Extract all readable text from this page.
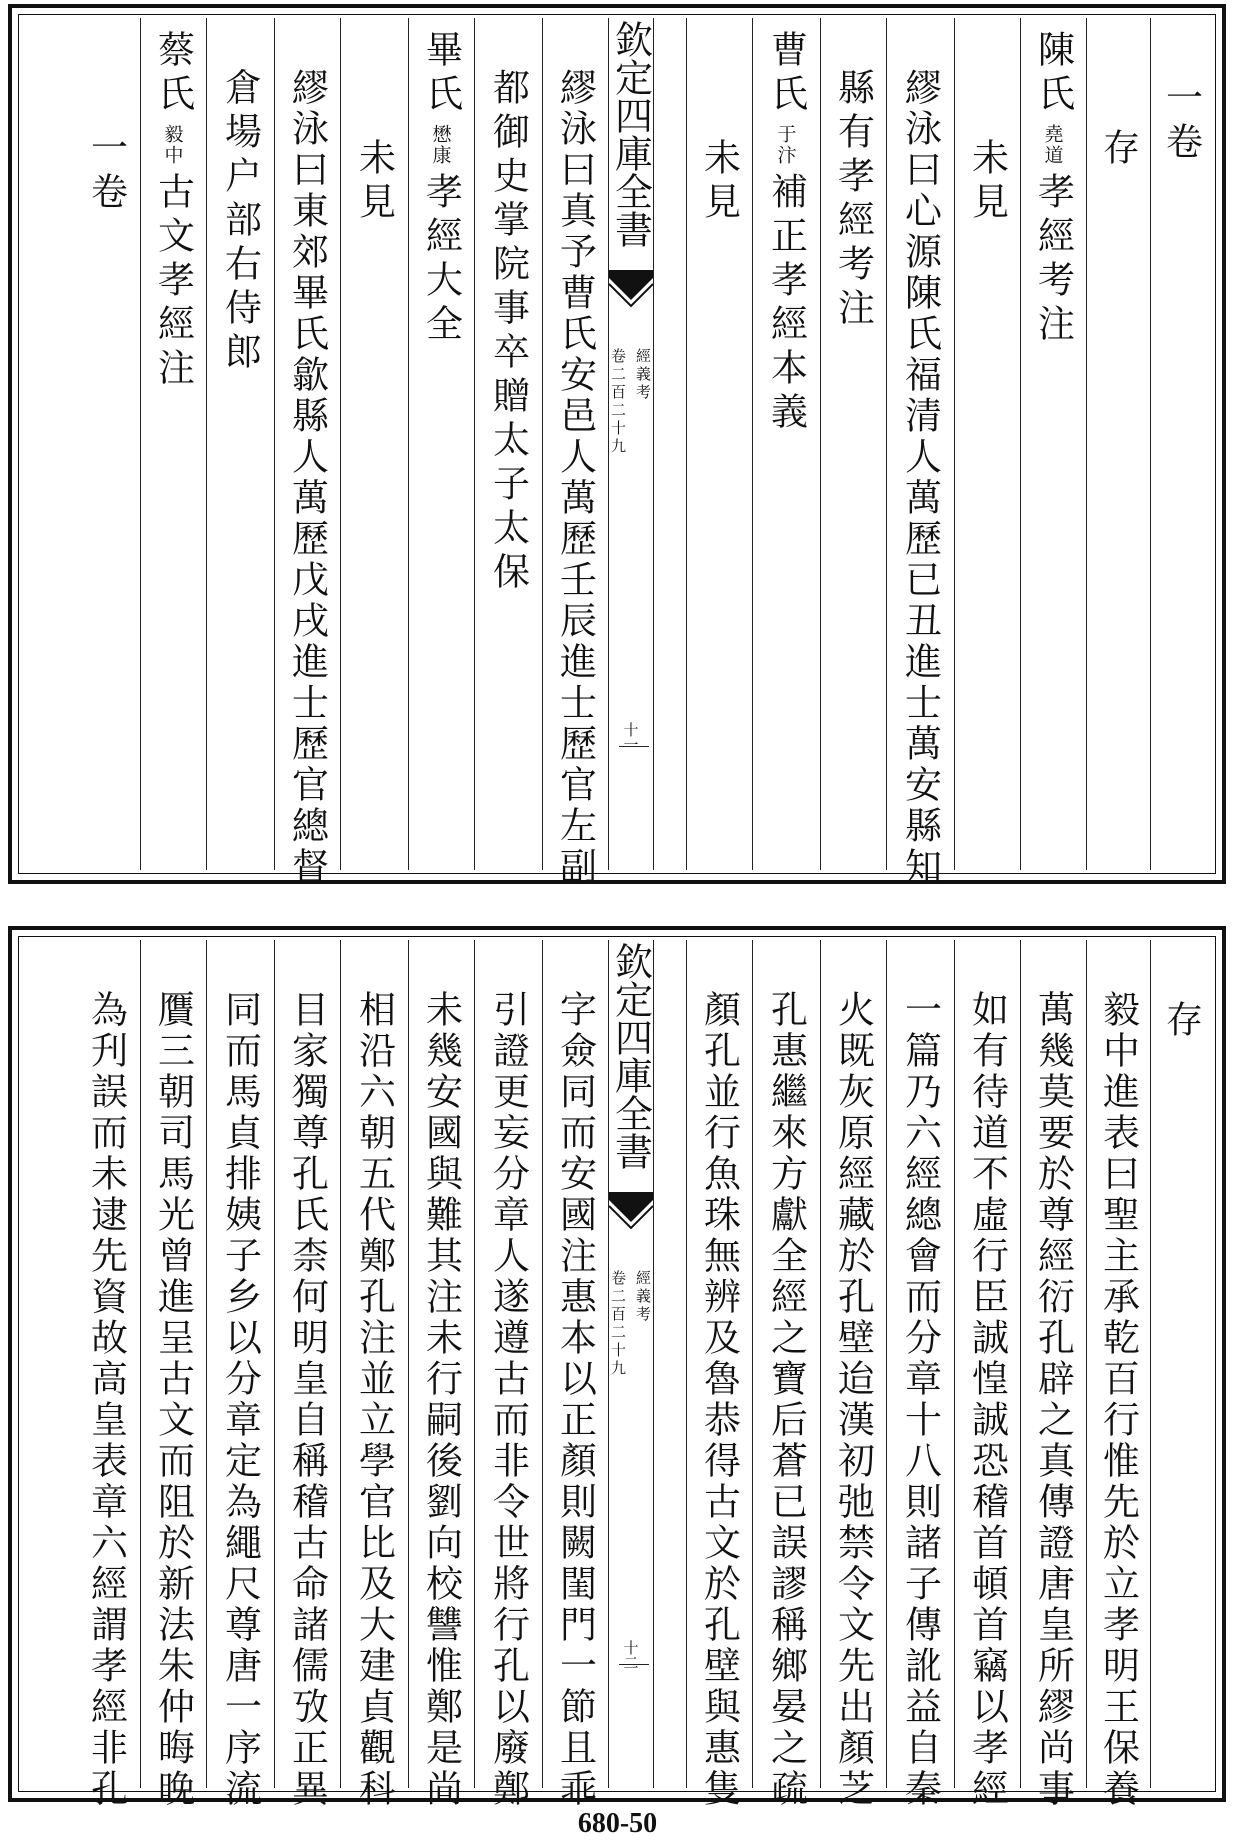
一卷
存
陳氏堯道孝經考注
未見
繆泳曰心源陳氏福清人萬歷已丑進士萬安縣知
縣有孝經考注
曹氏于汴補正孝經本義
未見
欽定四庫全書
經義考
卷二百二十九
十一
繆泳曰真予曹氏安邑人萬歷壬辰進士歷官左副
都御史掌院事卒贈太子太保
畢氏懋康孝經大全
未見
繆泳曰東郊畢氏歙縣人萬歷戊戌進士歷官總督
倉場户部右侍郎
蔡氏毅中古文孝經注
一卷
存
毅中進表曰聖主承乾百行惟先於立孝明王保養
萬幾莫要於尊經衍孔辟之真傳證唐皇所繆尚事
如有待道不虛行臣誠惶誠恐稽首頓首竊以孝經
一篇乃六經總會而分章十八則諸子傳訛益自秦
火既灰原經藏於孔壁迨漢初弛禁令文先出顏芝
孔惠繼來方獻全經之寶后蒼已誤謬稱鄉晏之疏
顏孔並行魚珠無辨及魯恭得古文於孔壁與惠隻
欽定四庫全書
經義考
卷二百二十九
十二
字僉同而安國注惠本以正顏則闕閨門一節且乖
引證更妄分章人遂遵古而非令世將行孔以廢鄭
未幾安國與難其注未行嗣後劉向校讐惟鄭是尚
相沿六朝五代鄭孔注並立學官比及大建貞觀科
目家獨尊孔氏柰何明皇自稱稽古命諸儒攷正異
同而馬貞排姨子乡以分章定為繩尺尊唐一序流
贋三朝司馬光曾進呈古文而阻於新法朱仲晦晚
為刋誤而未逮先資故高皇表章六經謂孝經非孔
680-50
